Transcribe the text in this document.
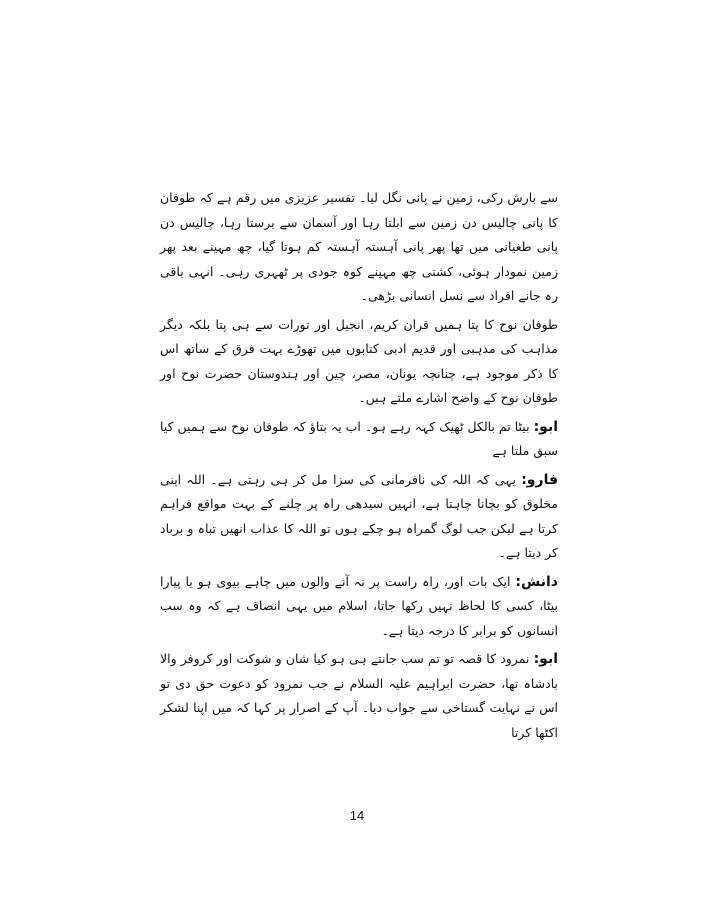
سے بارش رکی، زمین نے پانی نگل لیا۔ تفسیر عزیزی میں رقم ہے کہ طوفان کا پانی چالیس دن زمین سے ابلتا رہا اور آسمان سے برستا رہا، چالیس دن پانی طغیانی میں تھا پھر پانی آہستہ آہستہ کم ہوتا گیا، چھ مہینے بعد پھر زمین نمودار ہوئی، کشتی چھ مہینے کوہ جودی پر ٹھہری رہی۔ انہی باقی رہ جانے افراد سے نسل انسانی بڑھی۔

طوفان نوح کا پتا ہمیں قران کریم، انجیل اور تورات سے ہی پتا بلکہ دیگر مذاہب کی مذہبی اور قدیم ادبی کتابوں میں تھوڑے بہت فرق کے ساتھ اس کا ذکر موجود ہے، چنانچہ یونان، مصر، چین اور ہندوستان حضرت نوح اور طوفان نوح کے واضح اشارے ملتے ہیں۔

ابو: بیٹا تم بالکل ٹھیک کہہ رہے ہو۔ اب یہ بتاؤ کہ طوفان نوح سے ہمیں کیا سبق ملتا ہے

فارو: یہی کہ اللہ کی نافرمانی کی سزا مل کر ہی رہتی ہے۔ اللہ اپنی مخلوق کو بچانا چاہتا ہے، انہیں سیدھی راہ پر چلنے کے بہت مواقع فراہم کرتا ہے لیکن جب لوگ گمراہ ہو چکے ہوں تو اللہ کا عذاب انھیں تباہ و برباد کر دیتا ہے۔

دانش: ایک بات اور، راہ راست پر نہ آنے والوں میں چاہے بیوی ہو یا پیارا بیٹا، کسی کا لحاظ نہیں رکھا جاتا، اسلام میں یہی انصاف ہے کہ وہ سب انسانوں کو برابر کا درجہ دیتا ہے۔

ابو: نمرود کا قصہ تو تم سب جانتے ہی ہو کیا شان و شوکت اور کروفر والا بادشاہ تھا، حضرت ابراہیم علیہ السلام نے جب نمرود کو دعوت حق دی تو اس نے نہایت گستاخی سے جواب دیا۔ آپ کے اصرار پر کہا کہ میں اپنا لشکر اکٹھا کرتا

14
